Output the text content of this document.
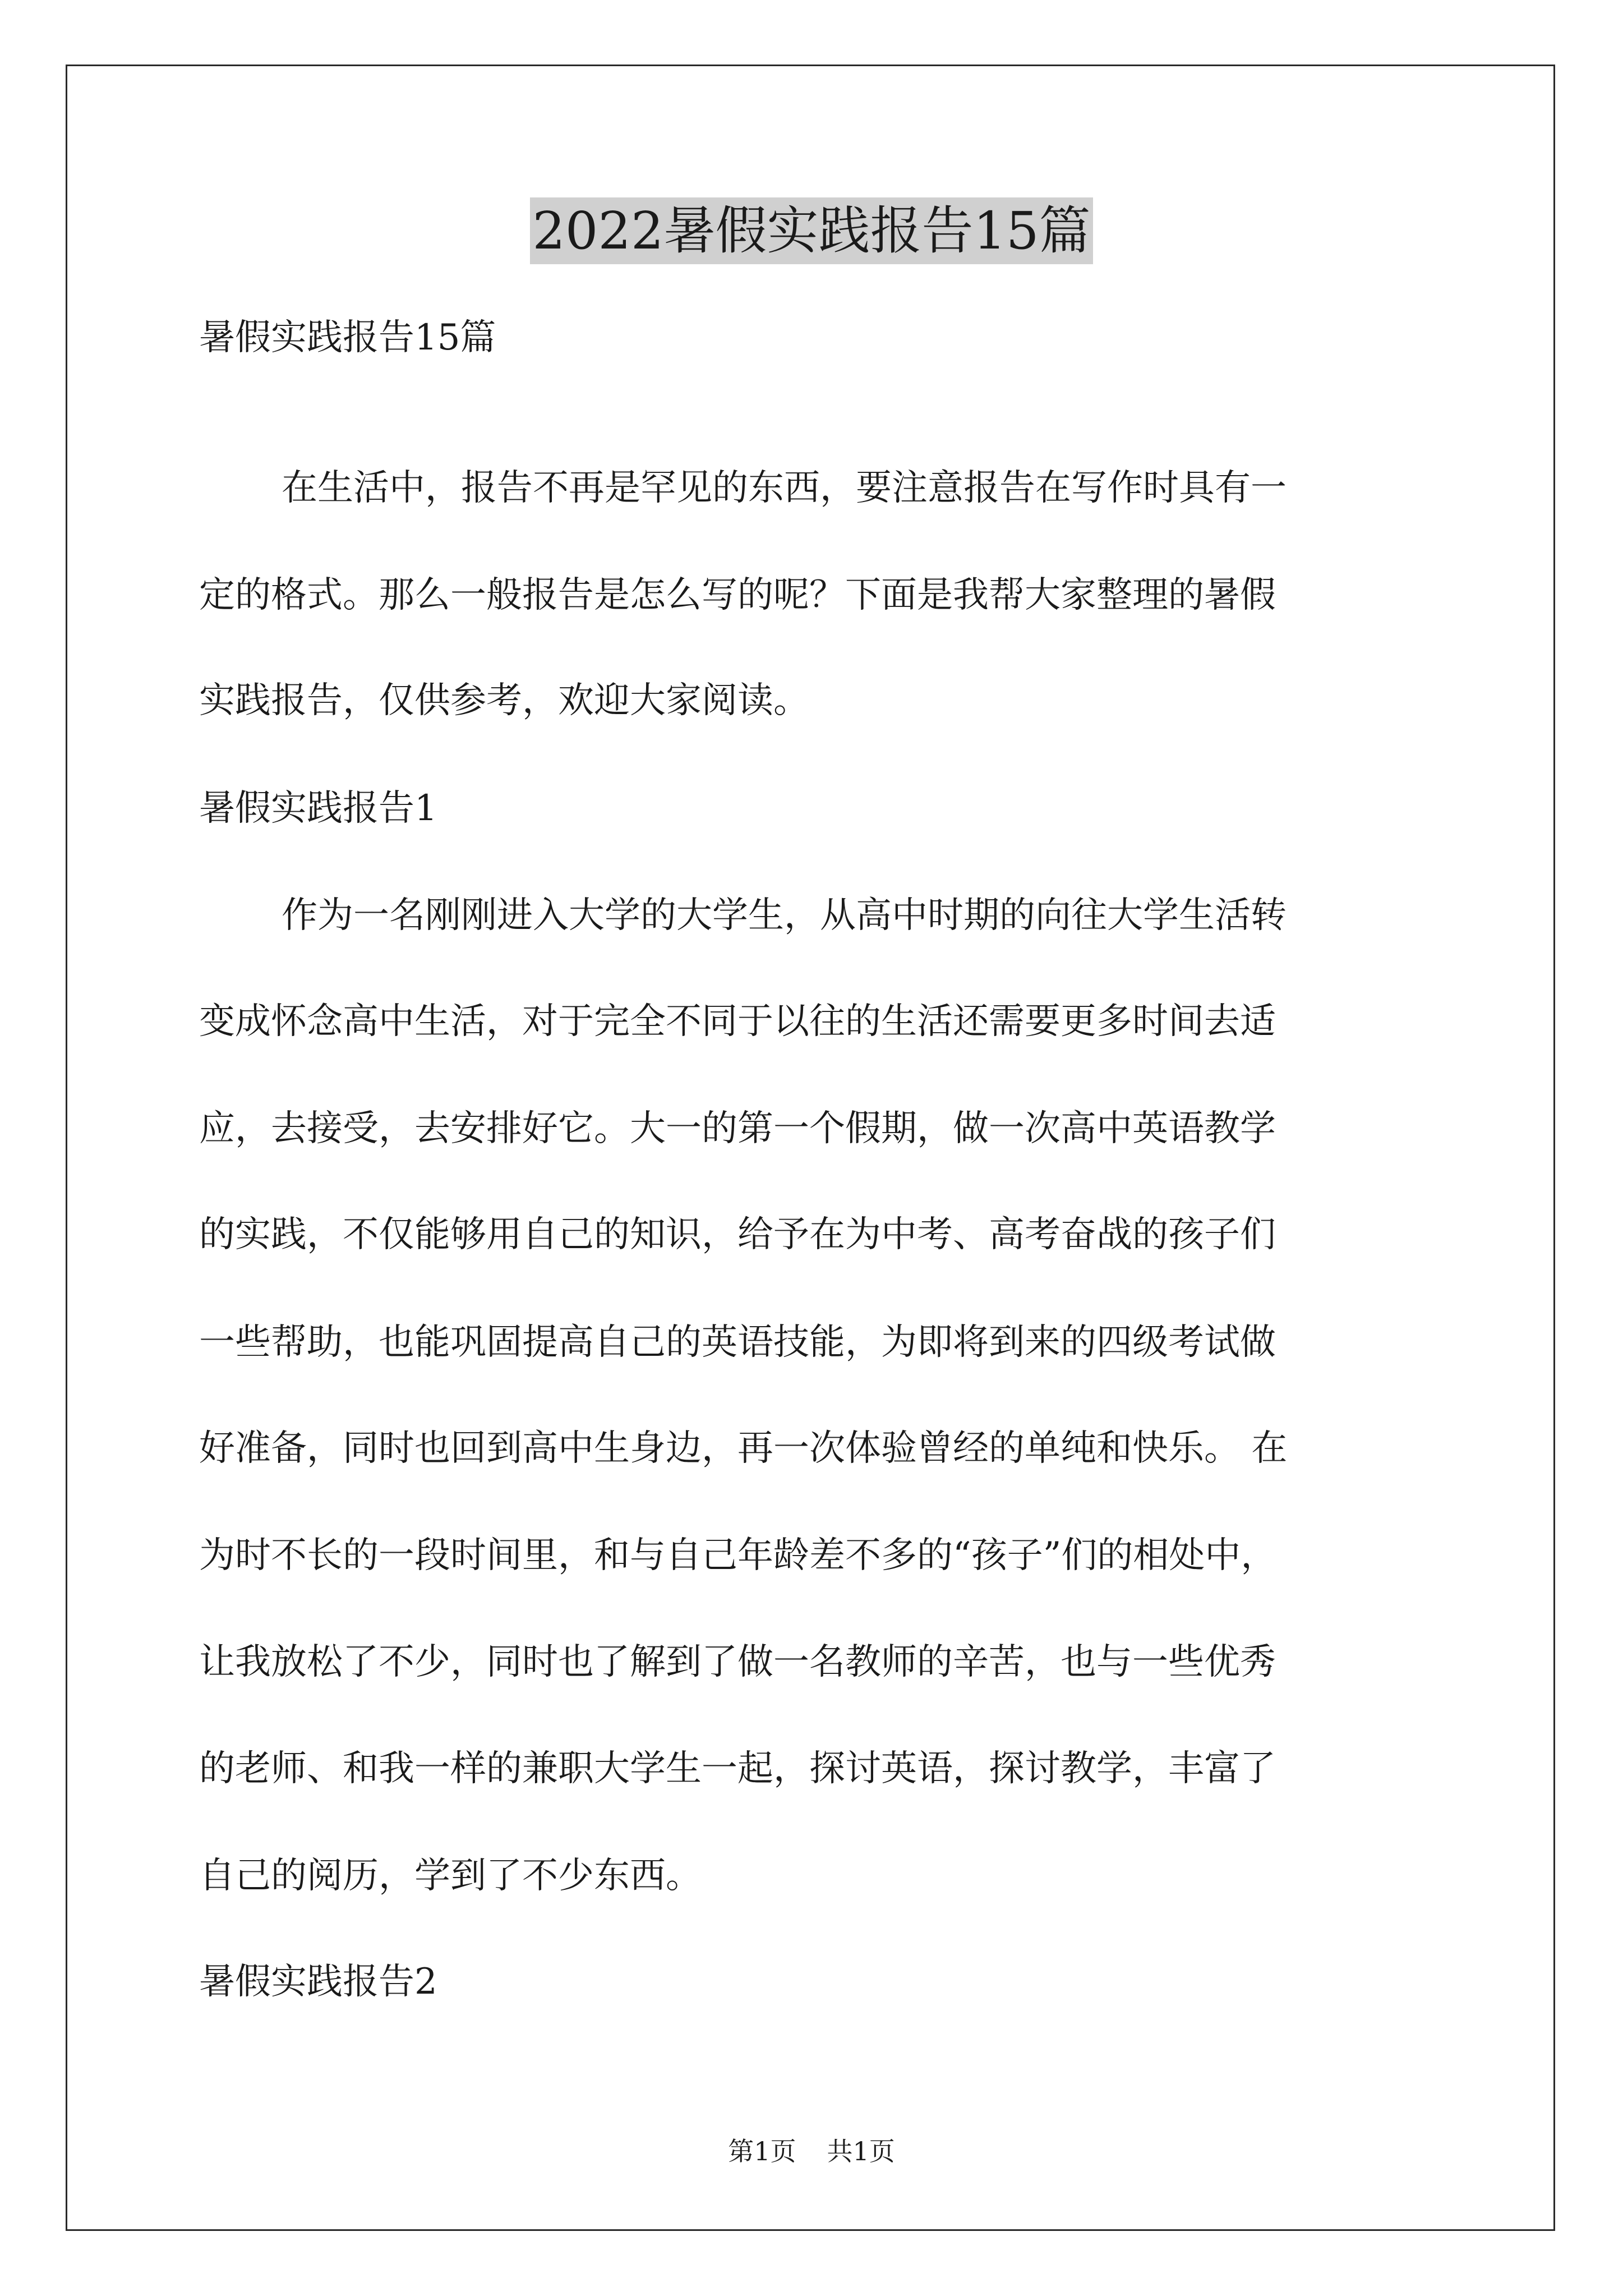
2022暑假实践报告15篇
暑假实践报告15篇
在生活中，报告不再是罕见的东西，要注意报告在写作时具有一
定的格式。那么一般报告是怎么写的呢？下面是我帮大家整理的暑假
实践报告，仅供参考，欢迎大家阅读。
暑假实践报告1
作为一名刚刚进入大学的大学生，从高中时期的向往大学生活转
变成怀念高中生活，对于完全不同于以往的生活还需要更多时间去适
应，去接受，去安排好它。大一的第一个假期，做一次高中英语教学
的实践，不仅能够用自己的知识，给予在为中考、高考奋战的孩子们
一些帮助，也能巩固提高自己的英语技能，为即将到来的四级考试做
好准备，同时也回到高中生身边，再一次体验曾经的单纯和快乐。 在
为时不长的一段时间里，和与自己年龄差不多的“孩子”们的相处中，
让我放松了不少，同时也了解到了做一名教师的辛苦，也与一些优秀
的老师、和我一样的兼职大学生一起，探讨英语，探讨教学，丰富了
自己的阅历，学到了不少东西。
暑假实践报告2
第1页 共1页
